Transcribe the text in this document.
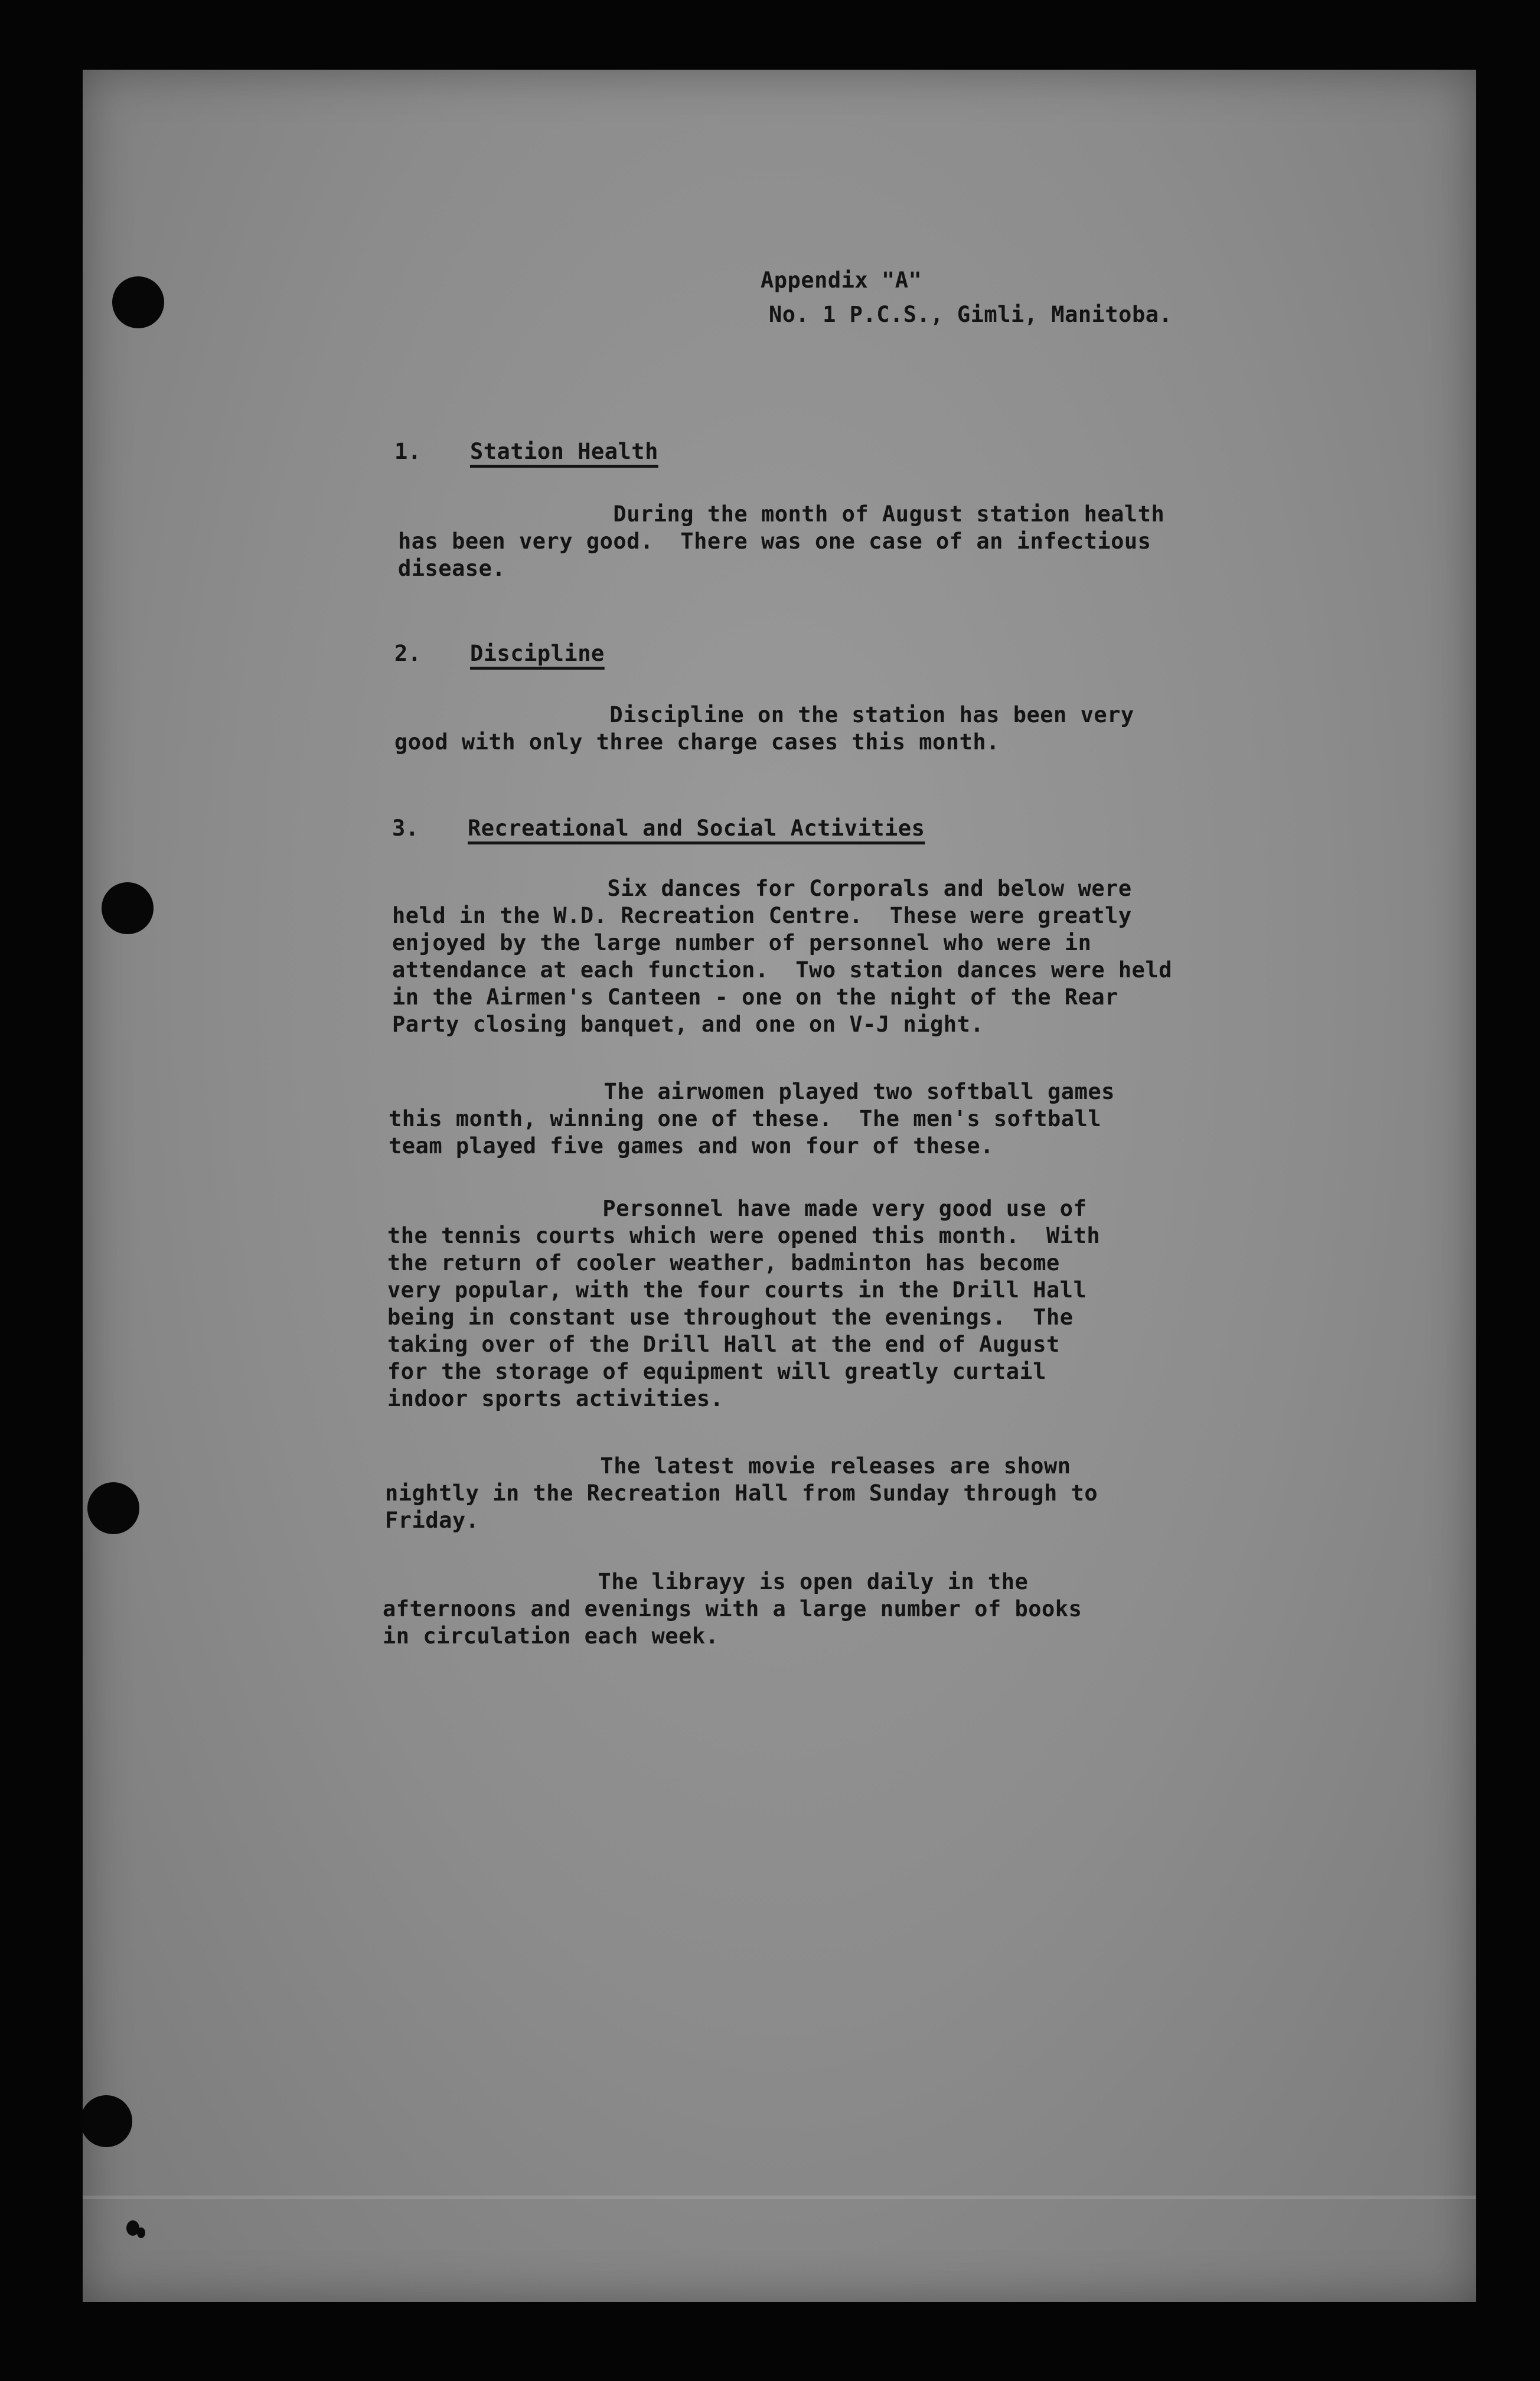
Appendix "A"
No. 1 P.C.S., Gimli, Manitoba.

1.

Station Health

During the month of August station health
has been very good.  There was one case of an infectious
disease.

2.

Discipline

Discipline on the station has been very
good with only three charge cases this month.

3.

Recreational and Social Activities

Six dances for Corporals and below were
held in the W.D. Recreation Centre.  These were greatly
enjoyed by the large number of personnel who were in
attendance at each function.  Two station dances were held
in the Airmen's Canteen - one on the night of the Rear
Party closing banquet, and one on V-J night.
The airwomen played two softball games
this month, winning one of these.  The men's softball
team played five games and won four of these.
Personnel have made very good use of
the tennis courts which were opened this month.  With
the return of cooler weather, badminton has become
very popular, with the four courts in the Drill Hall
being in constant use throughout the evenings.  The
taking over of the Drill Hall at the end of August
for the storage of equipment will greatly curtail
indoor sports activities.
The latest movie releases are shown
nightly in the Recreation Hall from Sunday through to
Friday.
The librayy is open daily in the
afternoons and evenings with a large number of books
in circulation each week.
